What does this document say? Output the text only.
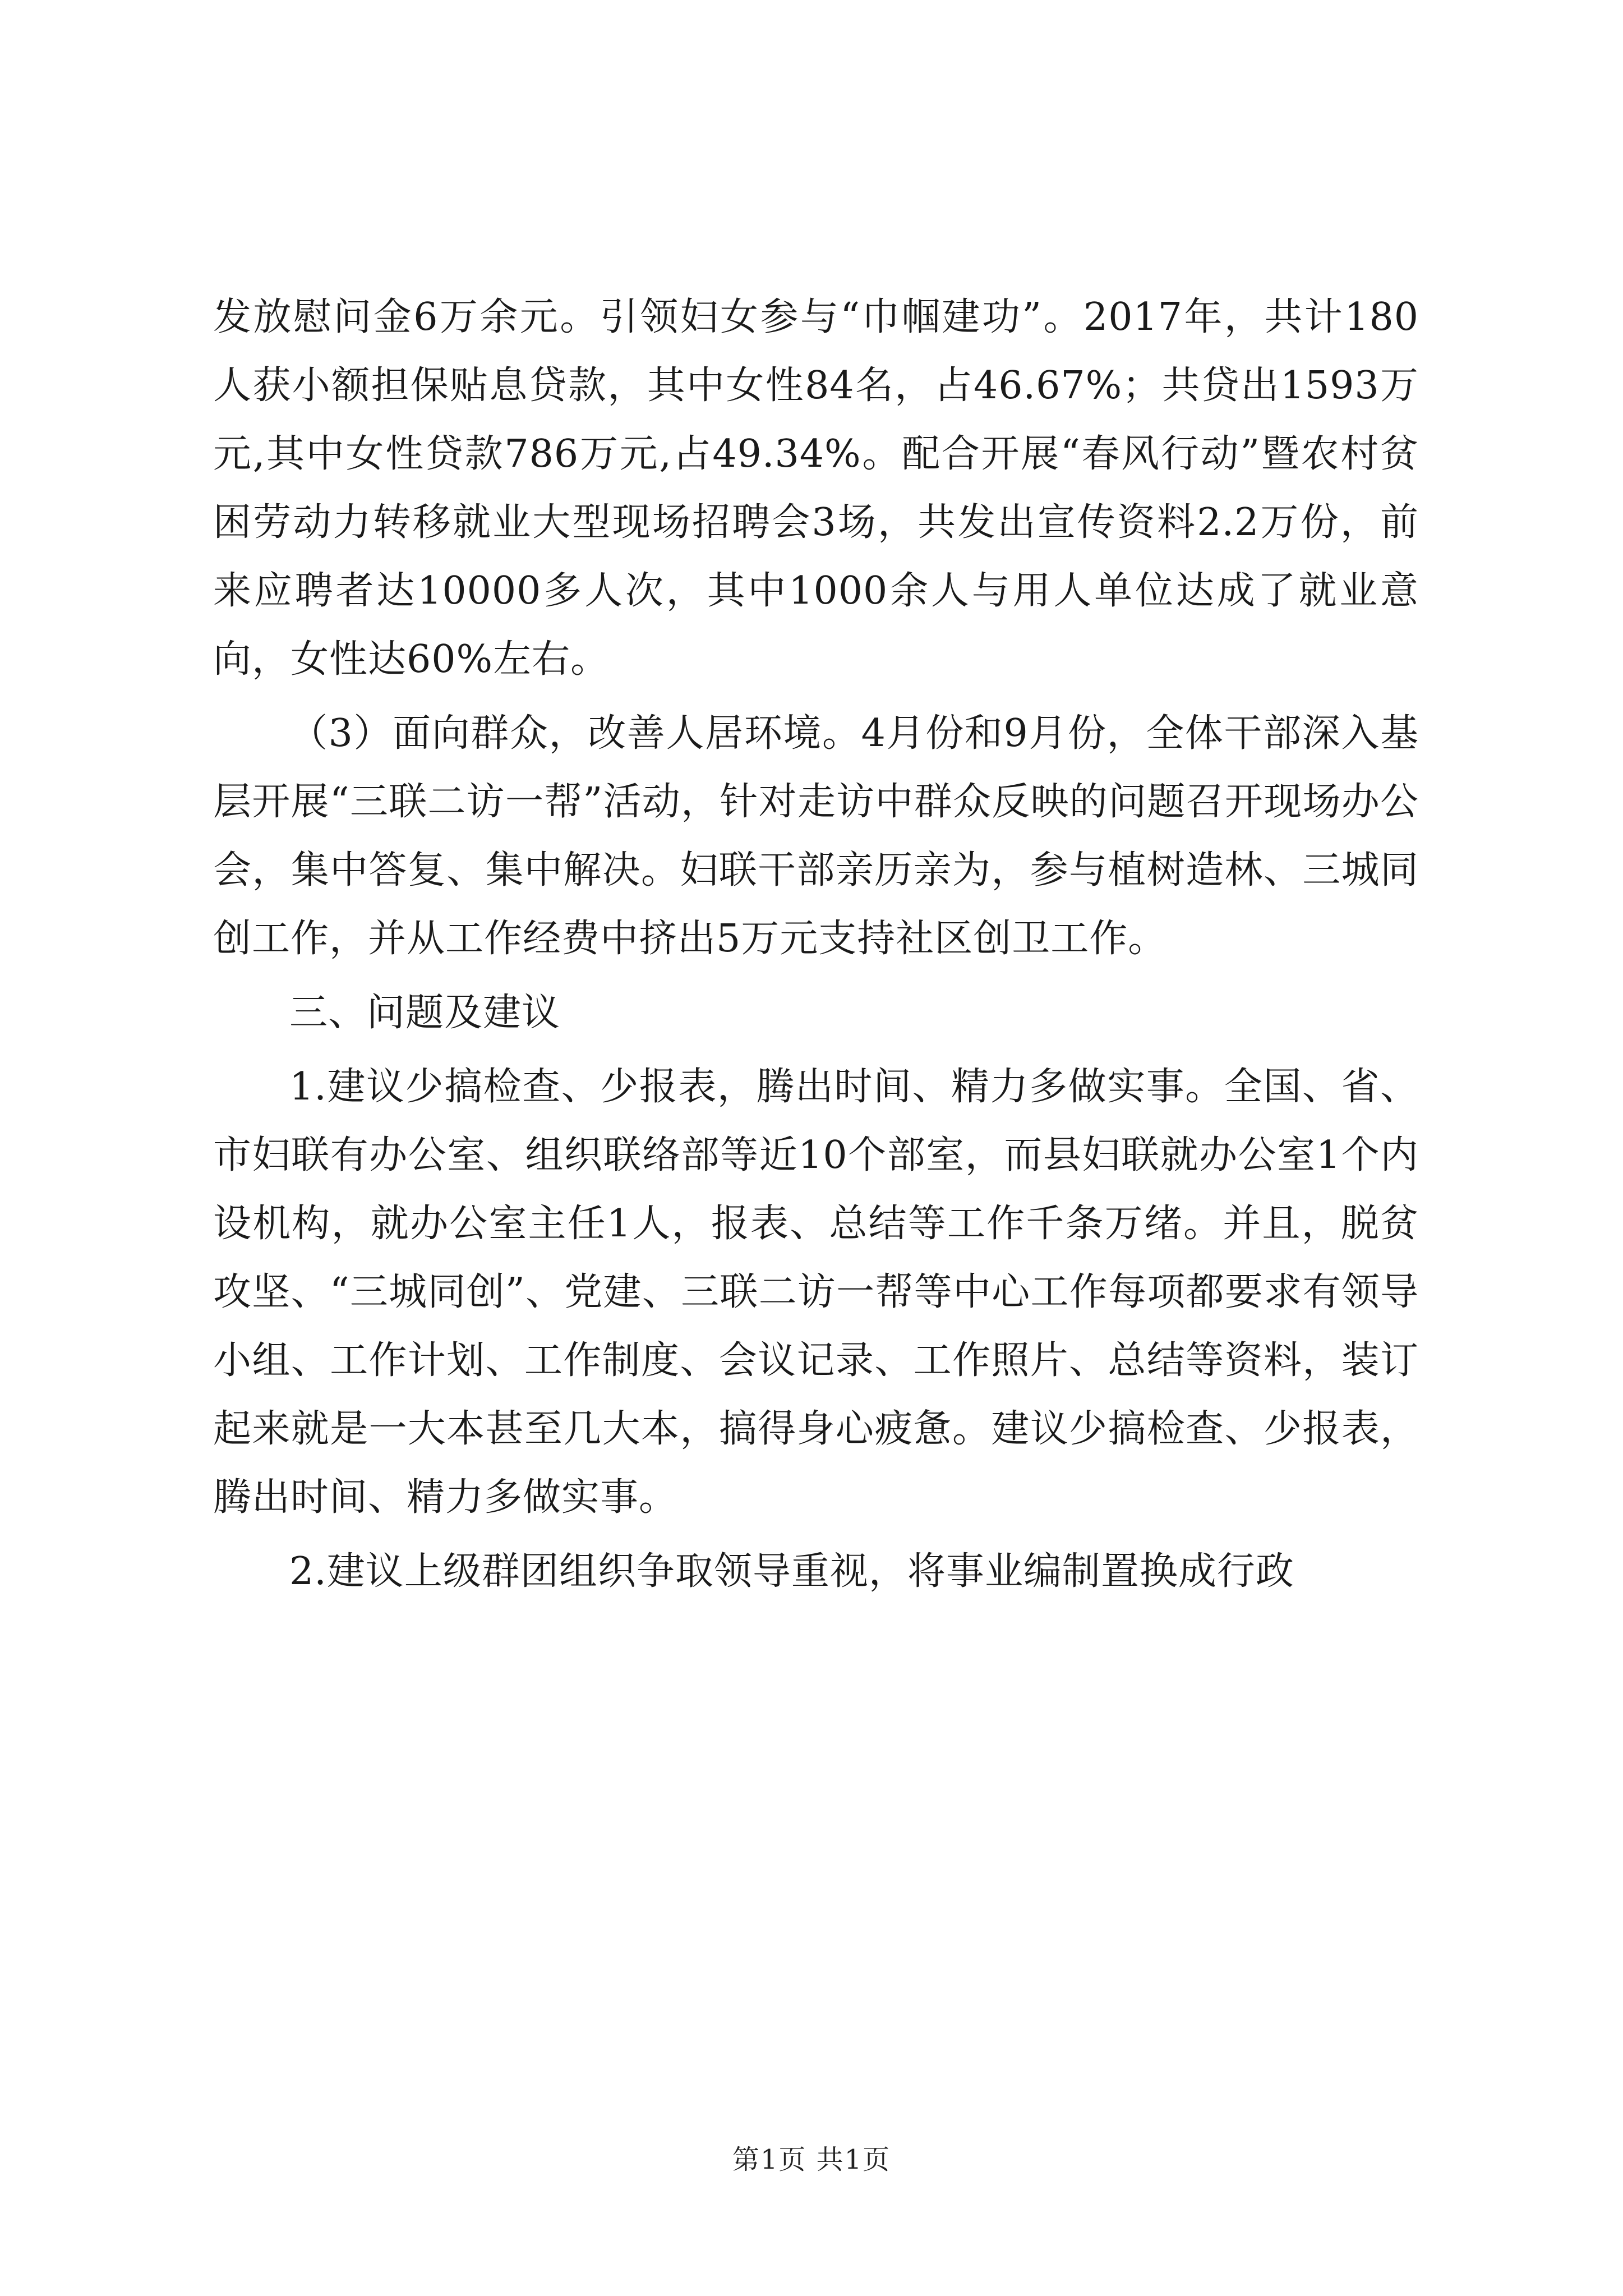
发放慰问金6万余元。引领妇女参与“巾帼建功”。2017年，共计180人获小额担保贴息贷款，其中女性84名，占46.67%；共贷出1593万元,其中女性贷款786万元,占49.34%。配合开展“春风行动”暨农村贫困劳动力转移就业大型现场招聘会3场，共发出宣传资料2.2万份，前来应聘者达10000多人次，其中1000余人与用人单位达成了就业意向，女性达60%左右。

（3）面向群众，改善人居环境。4月份和9月份，全体干部深入基层开展“三联二访一帮”活动，针对走访中群众反映的问题召开现场办公会，集中答复、集中解决。妇联干部亲历亲为，参与植树造林、三城同创工作，并从工作经费中挤出5万元支持社区创卫工作。

三、问题及建议

1.建议少搞检查、少报表，腾出时间、精力多做实事。全国、省、市妇联有办公室、组织联络部等近10个部室，而县妇联就办公室1个内设机构，就办公室主任1人，报表、总结等工作千条万绪。并且，脱贫攻坚、“三城同创”、党建、三联二访一帮等中心工作每项都要求有领导小组、工作计划、工作制度、会议记录、工作照片、总结等资料，装订起来就是一大本甚至几大本，搞得身心疲惫。建议少搞检查、少报表，腾出时间、精力多做实事。

2.建议上级群团组织争取领导重视，将事业编制置换成行政

第1页 共1页
